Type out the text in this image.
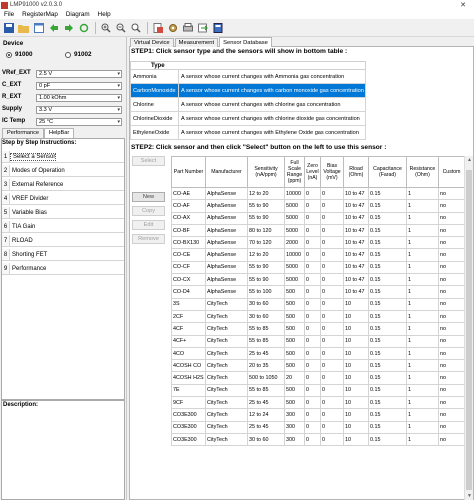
LMP91000 v2.0.3.0	✕
File	RegisterMap	Diagram	Help
Device
91000	91002
VRef_EXT	2.5 V	▾
C_EXT	0 pF	▾
R_EXT	1.00 kOhm	▾
Supply	3.3 V	▾
IC Temp	25 °C	▾
Performance	HelpBar
Step by Step Instructions:
1 Select a Sensor
2 Modes of Operation
3 External Reference
4 VREF Divider
5 Variable Bias
6 TIA Gain
7 RLOAD
8 Shorting FET
9 Performance
Description:
Virtual Device	Measurement	Sensor Database
STEP1: Click sensor type and the sensors will show in bottom table :
Type	
Ammonia	A sensor whose current changes with Ammonia gas concentration
CarbonMonoxide	A sensor whose current changes with carbon monoxide gas concentration
Chlorine	A sensor whose current changes with chlorine gas concentration
ChlorineDioxide	A sensor whose current changes with chlorine dioxide gas concentration
EthyleneOxide	A sensor whose current changes with Ethylene Oxide gas concentration
STEP2: Click sensor and then click "Select" button on the left to use this sensor :
Select
New
Copy
Edit
Remove
Part Number	Manufacturer	Sensitivity (nA/ppm)	Full Scale Range (ppm)	Zero Level (nA)	Bias Voltage (mV)	Rload (Ohm)	Capacitance (Farad)	Resistance (Ohm)	Custom
CO-AE	AlphaSense	12 to 20	10000	0	0	10 to 47	0.15	1	no
CO-AF	AlphaSense	55 to 90	5000	0	0	10 to 47	0.15	1	no
CO-AX	AlphaSense	55 to 90	5000	0	0	10 to 47	0.15	1	no
CO-BF	AlphaSense	80 to 120	5000	0	0	10 to 47	0.15	1	no
CO-BX130	AlphaSense	70 to 120	2000	0	0	10 to 47	0.15	1	no
CO-CE	AlphaSense	12 to 20	10000	0	0	10 to 47	0.15	1	no
CO-CF	AlphaSense	55 to 90	5000	0	0	10 to 47	0.15	1	no
CO-CX	AlphaSense	55 to 90	5000	0	0	10 to 47	0.15	1	no
CO-D4	AlphaSense	55 to 100	500	0	0	10 to 47	0.15	1	no
3S	CityTech	30 to 60	500	0	0	10	0.15	1	no
2CF	CityTech	30 to 60	500	0	0	10	0.15	1	no
4CF	CityTech	55 to 85	500	0	0	10	0.15	1	no
4CF+	CityTech	55 to 85	500	0	0	10	0.15	1	no
4CO	CityTech	25 to 45	500	0	0	10	0.15	1	no
4COSH CO	CityTech	20 to 35	500	0	0	10	0.15	1	no
4COSH H2S	CityTech	500 to 1050	20	0	0	10	0.15	1	no
7E	CityTech	55 to 85	500	0	0	10	0.15	1	no
9CF	CityTech	25 to 45	500	0	0	10	0.15	1	no
CO3E300	CityTech	12 to 24	300	0	0	10	0.15	1	no
CO3E300	CityTech	25 to 45	300	0	0	10	0.15	1	no
CO3E300	CityTech	30 to 60	300	0	0	10	0.15	1	no
▲
▼
